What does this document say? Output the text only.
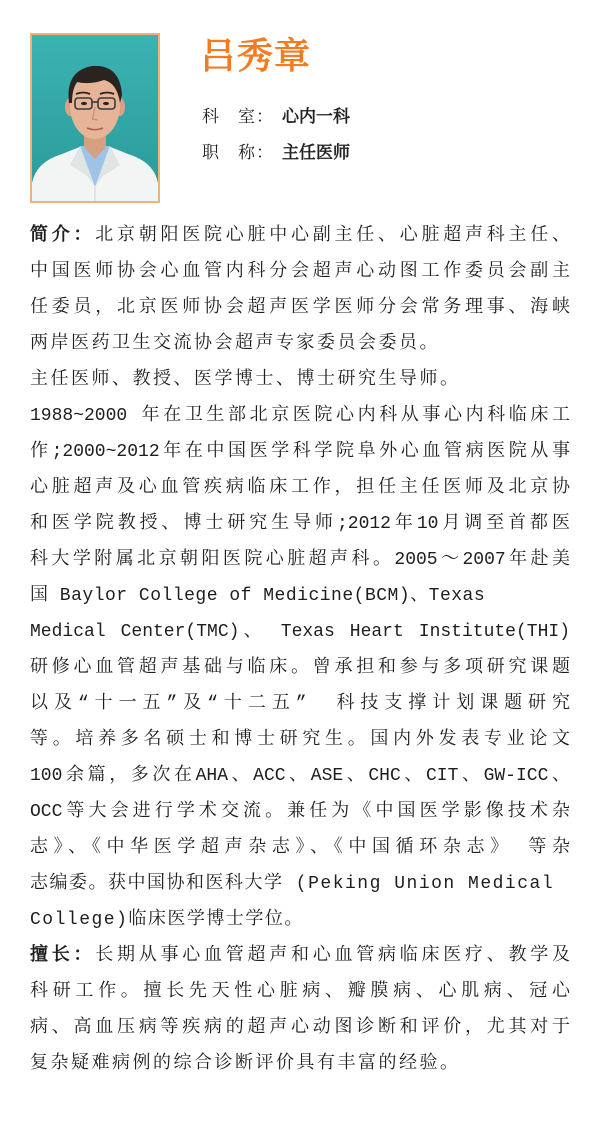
吕秀章
科　室： 心内一科
职　称： 主任医师
简介：北京朝阳医院心脏中心副主任、心脏超声科主任、
中国医师协会心血管内科分会超声心动图工作委员会副主
任委员，北京医师协会超声医学医师分会常务理事、海峡
两岸医药卫生交流协会超声专家委员会委员。
主任医师、教授、医学博士、博士研究生导师。
1988~2000 年在卫生部北京医院心内科从事心内科临床工
作;2000~2012年在中国医学科学院阜外心血管病医院从事
心脏超声及心血管疾病临床工作，担任主任医师及北京协
和医学院教授、博士研究生导师;2012年10月调至首都医
科大学附属北京朝阳医院心脏超声科。2005～2007年赴美
国 Baylor College of Medicine(BCM)、Texas
Medical Center(TMC)、 Texas Heart Institute(THI)
研修心血管超声基础与临床。曾承担和参与多项研究课题
以及“十一五”及“十二五”　科技支撑计划课题研究
等。培养多名硕士和博士研究生。国内外发表专业论文
100余篇，多次在AHA、ACC、ASE、CHC、CIT、GW-ICC、
OCC等大会进行学术交流。兼任为《中国医学影像技术杂
志》、《中华医学超声杂志》、《中国循环杂志》　等杂
志编委。获中国协和医科大学 (Peking Union Medical
College)临床医学博士学位。
擅长：长期从事心血管超声和心血管病临床医疗、教学及
科研工作。擅长先天性心脏病、瓣膜病、心肌病、冠心
病、高血压病等疾病的超声心动图诊断和评价，尤其对于
复杂疑难病例的综合诊断评价具有丰富的经验。
